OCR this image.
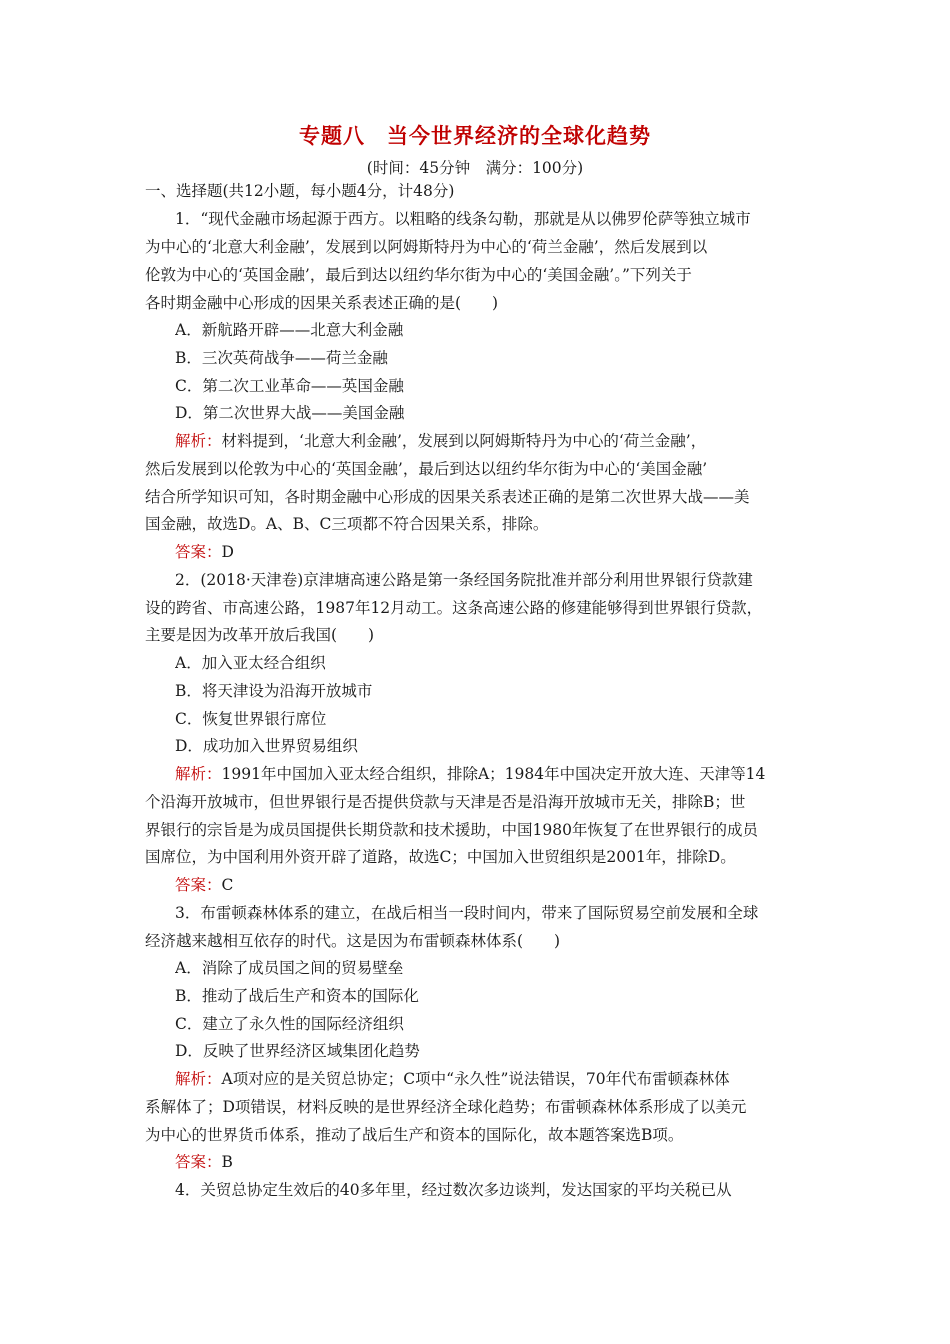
专题八　当今世界经济的全球化趋势
(时间：45分钟　满分：100分)
一、选择题(共12小题，每小题4分，计48分)
1．“现代金融市场起源于西方。以粗略的线条勾勒，那就是从以佛罗伦萨等独立城市
为中心的‘北意大利金融’，发展到以阿姆斯特丹为中心的‘荷兰金融’，然后发展到以
伦敦为中心的‘英国金融’，最后到达以纽约华尔街为中心的‘美国金融’。”下列关于
各时期金融中心形成的因果关系表述正确的是(　　)
A．新航路开辟——北意大利金融
B．三次英荷战争——荷兰金融
C．第二次工业革命——英国金融
D．第二次世界大战——美国金融
解析：材料提到，‘北意大利金融’，发展到以阿姆斯特丹为中心的‘荷兰金融’，
然后发展到以伦敦为中心的‘英国金融’，最后到达以纽约华尔街为中心的‘美国金融’
结合所学知识可知，各时期金融中心形成的因果关系表述正确的是第二次世界大战——美
国金融，故选D。A、B、C三项都不符合因果关系，排除。
答案：D
2．(2018·天津卷)京津塘高速公路是第一条经国务院批准并部分利用世界银行贷款建
设的跨省、市高速公路，1987年12月动工。这条高速公路的修建能够得到世界银行贷款，
主要是因为改革开放后我国(　　)
A．加入亚太经合组织
B．将天津设为沿海开放城市
C．恢复世界银行席位
D．成功加入世界贸易组织
解析：1991年中国加入亚太经合组织，排除A；1984年中国决定开放大连、天津等14
个沿海开放城市，但世界银行是否提供贷款与天津是否是沿海开放城市无关，排除B；世
界银行的宗旨是为成员国提供长期贷款和技术援助，中国1980年恢复了在世界银行的成员
国席位，为中国利用外资开辟了道路，故选C；中国加入世贸组织是2001年，排除D。
答案：C
3．布雷顿森林体系的建立，在战后相当一段时间内，带来了国际贸易空前发展和全球
经济越来越相互依存的时代。这是因为布雷顿森林体系(　　)
A．消除了成员国之间的贸易壁垒
B．推动了战后生产和资本的国际化
C．建立了永久性的国际经济组织
D．反映了世界经济区域集团化趋势
解析：A项对应的是关贸总协定；C项中“永久性”说法错误，70年代布雷顿森林体
系解体了；D项错误，材料反映的是世界经济全球化趋势；布雷顿森林体系形成了以美元
为中心的世界货币体系，推动了战后生产和资本的国际化，故本题答案选B项。
答案：B
4．关贸总协定生效后的40多年里，经过数次多边谈判，发达国家的平均关税已从
